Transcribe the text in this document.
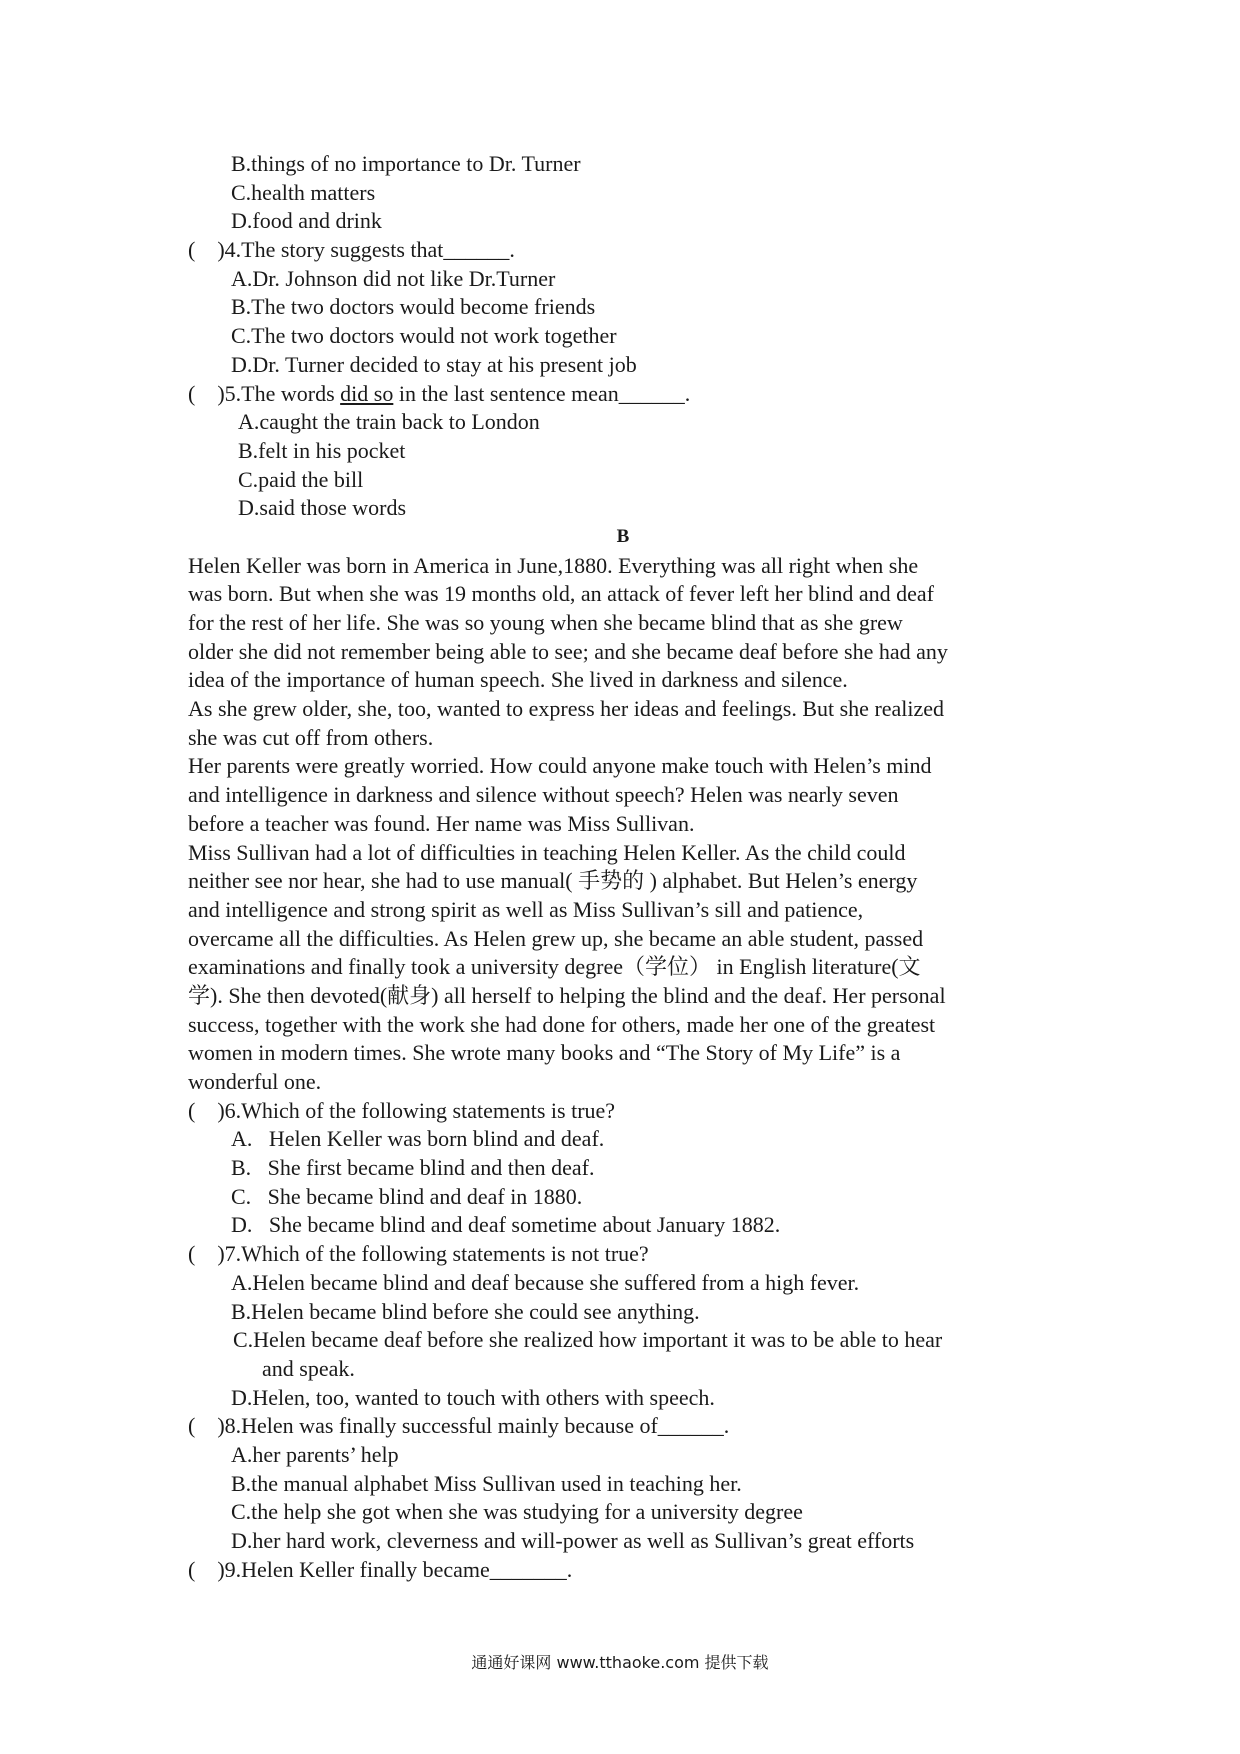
B.things of no importance to Dr. Turner
C.health matters
D.food and drink
(    )4.The story suggests that______.
A.Dr. Johnson did not like Dr.Turner
B.The two doctors would become friends
C.The two doctors would not work together
D.Dr. Turner decided to stay at his present job
(    )5.The words did so in the last sentence mean______.
A.caught the train back to London
B.felt in his pocket
C.paid the bill
D.said those words
B
Helen Keller was born in America in June,1880. Everything was all right when she
was born. But when she was 19 months old, an attack of fever left her blind and deaf
for the rest of her life. She was so young when she became blind that as she grew
older she did not remember being able to see; and she became deaf before she had any
idea of the importance of human speech. She lived in darkness and silence.
As she grew older, she, too, wanted to express her ideas and feelings. But she realized
she was cut off from others.
Her parents were greatly worried. How could anyone make touch with Helen’s mind
and intelligence in darkness and silence without speech? Helen was nearly seven
before a teacher was found. Her name was Miss Sullivan.
Miss Sullivan had a lot of difficulties in teaching Helen Keller. As the child could
neither see nor hear, she had to use manual( 手势的 ) alphabet. But Helen’s energy
and intelligence and strong spirit as well as Miss Sullivan’s sill and patience,
overcame all the difficulties. As Helen grew up, she became an able student, passed
examinations and finally took a university degree（学位） in English literature(文
学). She then devoted(献身) all herself to helping the blind and the deaf. Her personal
success, together with the work she had done for others, made her one of the greatest
women in modern times. She wrote many books and “The Story of My Life” is a
wonderful one.
(    )6.Which of the following statements is true?
A.   Helen Keller was born blind and deaf.
B.   She first became blind and then deaf.
C.   She became blind and deaf in 1880.
D.   She became blind and deaf sometime about January 1882.
(    )7.Which of the following statements is not true?
A.Helen became blind and deaf because she suffered from a high fever.
B.Helen became blind before she could see anything.
C.Helen became deaf before she realized how important it was to be able to hear
and speak.
D.Helen, too, wanted to touch with others with speech.
(    )8.Helen was finally successful mainly because of______.
A.her parents’ help
B.the manual alphabet Miss Sullivan used in teaching her.
C.the help she got when she was studying for a university degree
D.her hard work, cleverness and will-power as well as Sullivan’s great efforts
(    )9.Helen Keller finally became_______.
通通好课网 www.tthaoke.com 提供下载
